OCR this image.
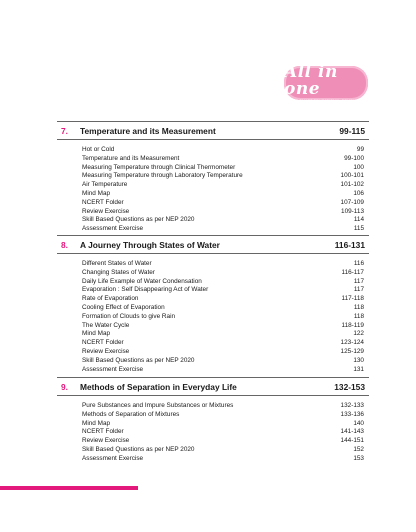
All in one
YOUR SMART EDUCATIONAL COMPANION
7.	Temperature and its Measurement	99-115
Hot or Cold	99
Temperature and its Measurement	99-100
Measuring Temperature through Clinical Thermometer	100
Measuring Temperature through Laboratory Temperature	100-101
Air Temperature	101-102
Mind Map	106
NCERT Folder	107-109
Review Exercise	109-113
Skill Based Questions as per NEP 2020	114
Assessment Exercise	115
8.	A Journey Through States of Water	116-131
Different States of Water	116
Changing States of Water	116-117
Daily Life Example of Water Condensation	117
Evaporation : Self Disappearing Act of Water	117
Rate of Evaporation	117-118
Cooling Effect of Evaporation	118
Formation of Clouds to give Rain	118
The Water Cycle	118-119
Mind Map	122
NCERT Folder	123-124
Review Exercise	125-129
Skill Based Questions as per NEP 2020	130
Assessment Exercise	131
9.	Methods of Separation in Everyday Life	132-153
Pure Substances and Impure Substances or Mixtures	132-133
Methods of Separation of Mixtures	133-136
Mind Map	140
NCERT Folder	141-143
Review Exercise	144-151
Skill Based Questions as per NEP 2020	152
Assessment Exercise	153
